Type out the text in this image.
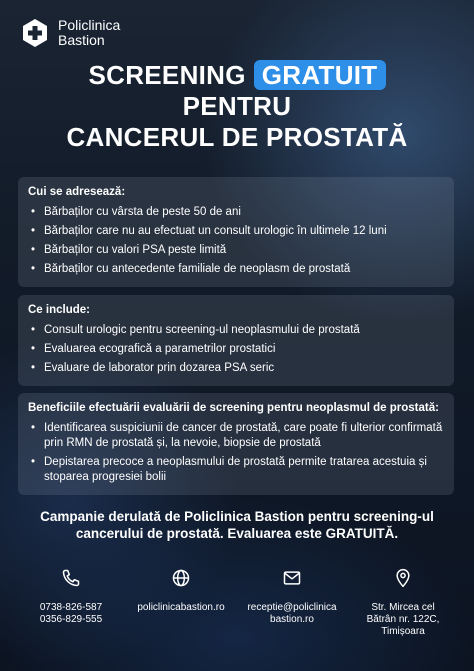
Policlinica
Bastion
SCREENING GRATUIT
PENTRU
CANCERUL DE PROSTATĂ
Cui se adresează:
• Bărbaților cu vârsta de peste 50 de ani
• Bărbaților care nu au efectuat un consult urologic în ultimele 12 luni
• Bărbaților cu valori PSA peste limită
• Bărbaților cu antecedente familiale de neoplasm de prostată
Ce include:
• Consult urologic pentru screening-ul neoplasmului de prostată
• Evaluarea ecografică a parametrilor prostatici
• Evaluare de laborator prin dozarea PSA seric
Beneficiile efectuării evaluării de screening pentru neoplasmul de prostată:
• Identificarea suspiciunii de cancer de prostată, care poate fi ulterior confirmată prin RMN de prostată și, la nevoie, biopsie de prostată
• Depistarea precoce a neoplasmului de prostată permite tratarea acestuia și stoparea progresiei bolii
Campanie derulată de Policlinica Bastion pentru screening-ul
cancerului de prostată. Evaluarea este GRATUITĂ.
0738-826-587
0356-829-555
policlinicabastion.ro	receptie@policlinica
bastion.ro
Str. Mircea cel
Bătrân nr. 122C,
Timișoara
